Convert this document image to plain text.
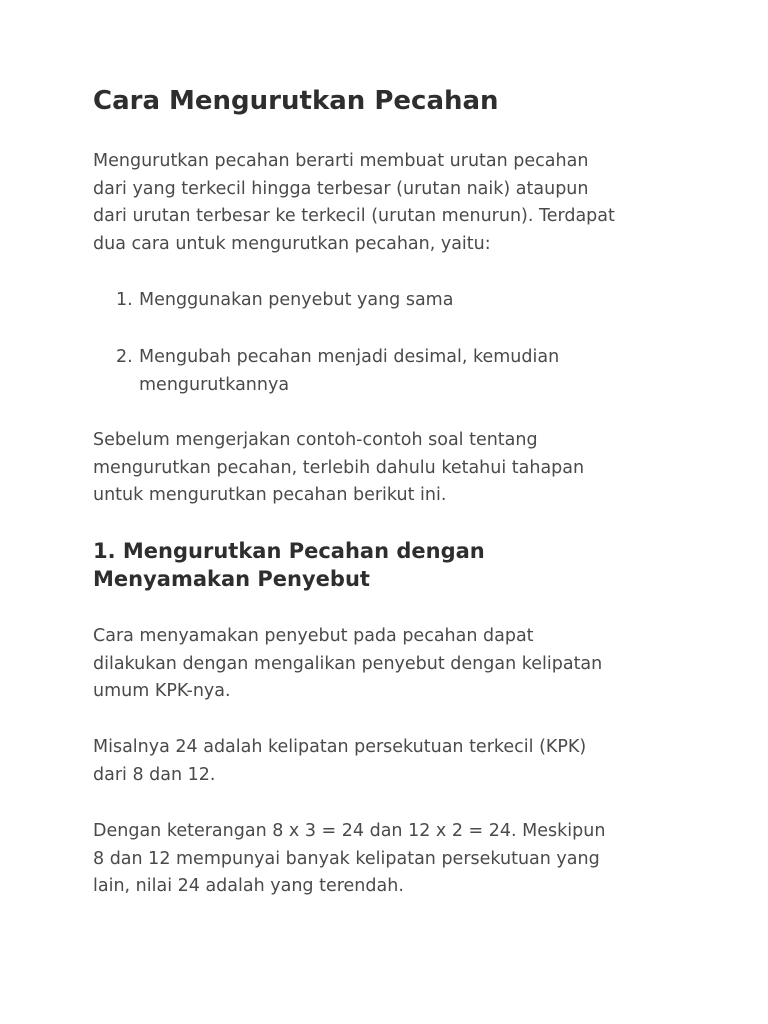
Cara Mengurutkan Pecahan

Mengurutkan pecahan berarti membuat urutan pecahan
dari yang terkecil hingga terbesar (urutan naik) ataupun
dari urutan terbesar ke terkecil (urutan menurun). Terdapat
dua cara untuk mengurutkan pecahan, yaitu:

1. Menggunakan penyebut yang sama
2. Mengubah pecahan menjadi desimal, kemudian
mengurutkannya

Sebelum mengerjakan contoh-contoh soal tentang
mengurutkan pecahan, terlebih dahulu ketahui tahapan
untuk mengurutkan pecahan berikut ini.

1. Mengurutkan Pecahan dengan
Menyamakan Penyebut

Cara menyamakan penyebut pada pecahan dapat
dilakukan dengan mengalikan penyebut dengan kelipatan
umum KPK-nya.

Misalnya 24 adalah kelipatan persekutuan terkecil (KPK)
dari 8 dan 12.

Dengan keterangan 8 x 3 = 24 dan 12 x 2 = 24. Meskipun
8 dan 12 mempunyai banyak kelipatan persekutuan yang
lain, nilai 24 adalah yang terendah.
